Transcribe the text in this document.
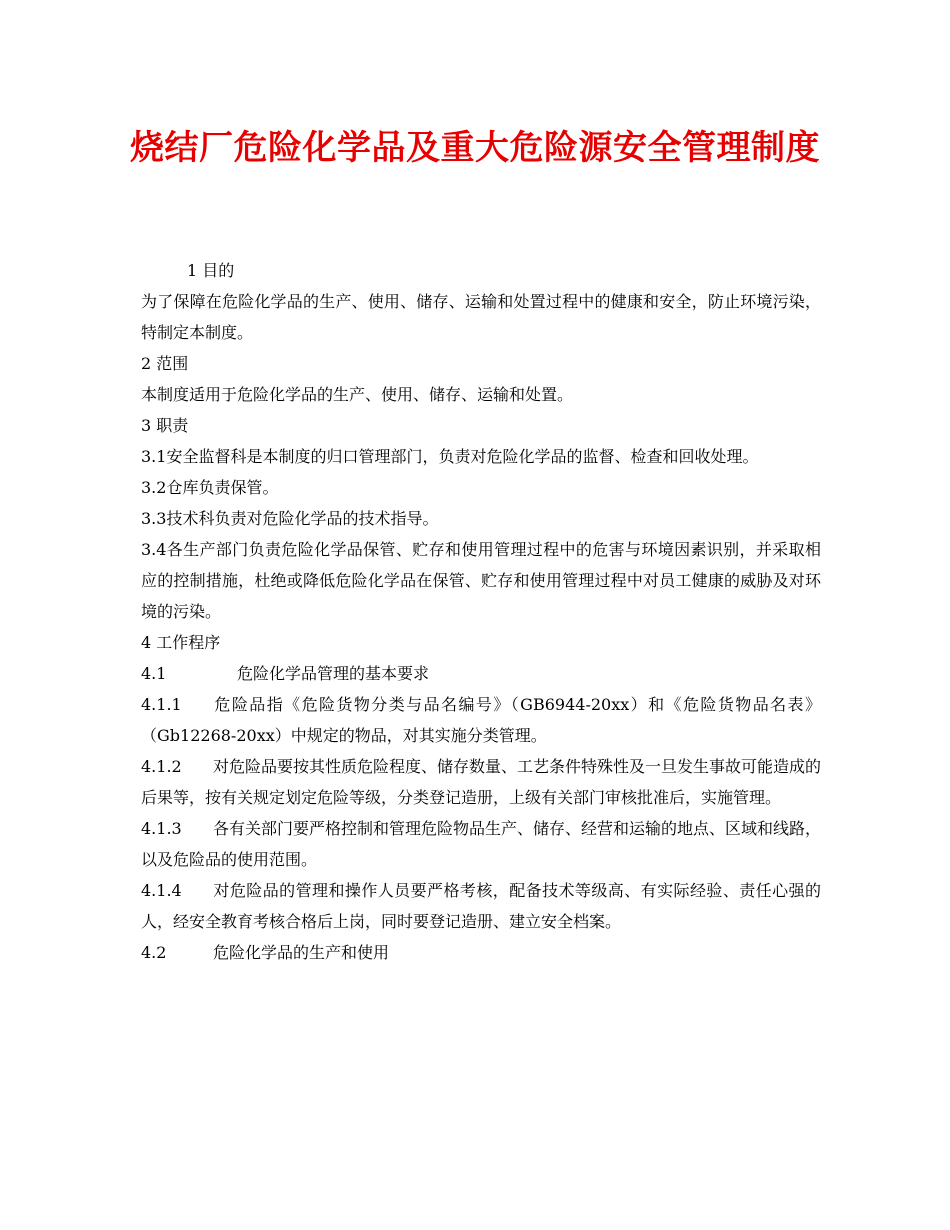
烧结厂危险化学品及重大危险源安全管理制度

1 目的

为了保障在危险化学品的生产、使用、储存、运输和处置过程中的健康和安全，防止环境污染，特制定本制度。

2 范围

本制度适用于危险化学品的生产、使用、储存、运输和处置。

3 职责

3.1安全监督科是本制度的归口管理部门，负责对危险化学品的监督、检查和回收处理。

3.2仓库负责保管。

3.3技术科负责对危险化学品的技术指导。

3.4各生产部门负责危险化学品保管、贮存和使用管理过程中的危害与环境因素识别，并采取相应的控制措施，杜绝或降低危险化学品在保管、贮存和使用管理过程中对员工健康的威胁及对环境的污染。

4 工作程序

4.1	危险化学品管理的基本要求

4.1.1 危险品指《危险货物分类与品名编号》（GB6944-20xx）和《危险货物品名表》（Gb12268-20xx）中规定的物品，对其实施分类管理。

4.1.2 对危险品要按其性质危险程度、储存数量、工艺条件特殊性及一旦发生事故可能造成的后果等，按有关规定划定危险等级，分类登记造册，上级有关部门审核批准后，实施管理。

4.1.3 各有关部门要严格控制和管理危险物品生产、储存、经营和运输的地点、区域和线路，以及危险品的使用范围。

4.1.4 对危险品的管理和操作人员要严格考核，配备技术等级高、有实际经验、责任心强的人，经安全教育考核合格后上岗，同时要登记造册、建立安全档案。

4.2	危险化学品的生产和使用
